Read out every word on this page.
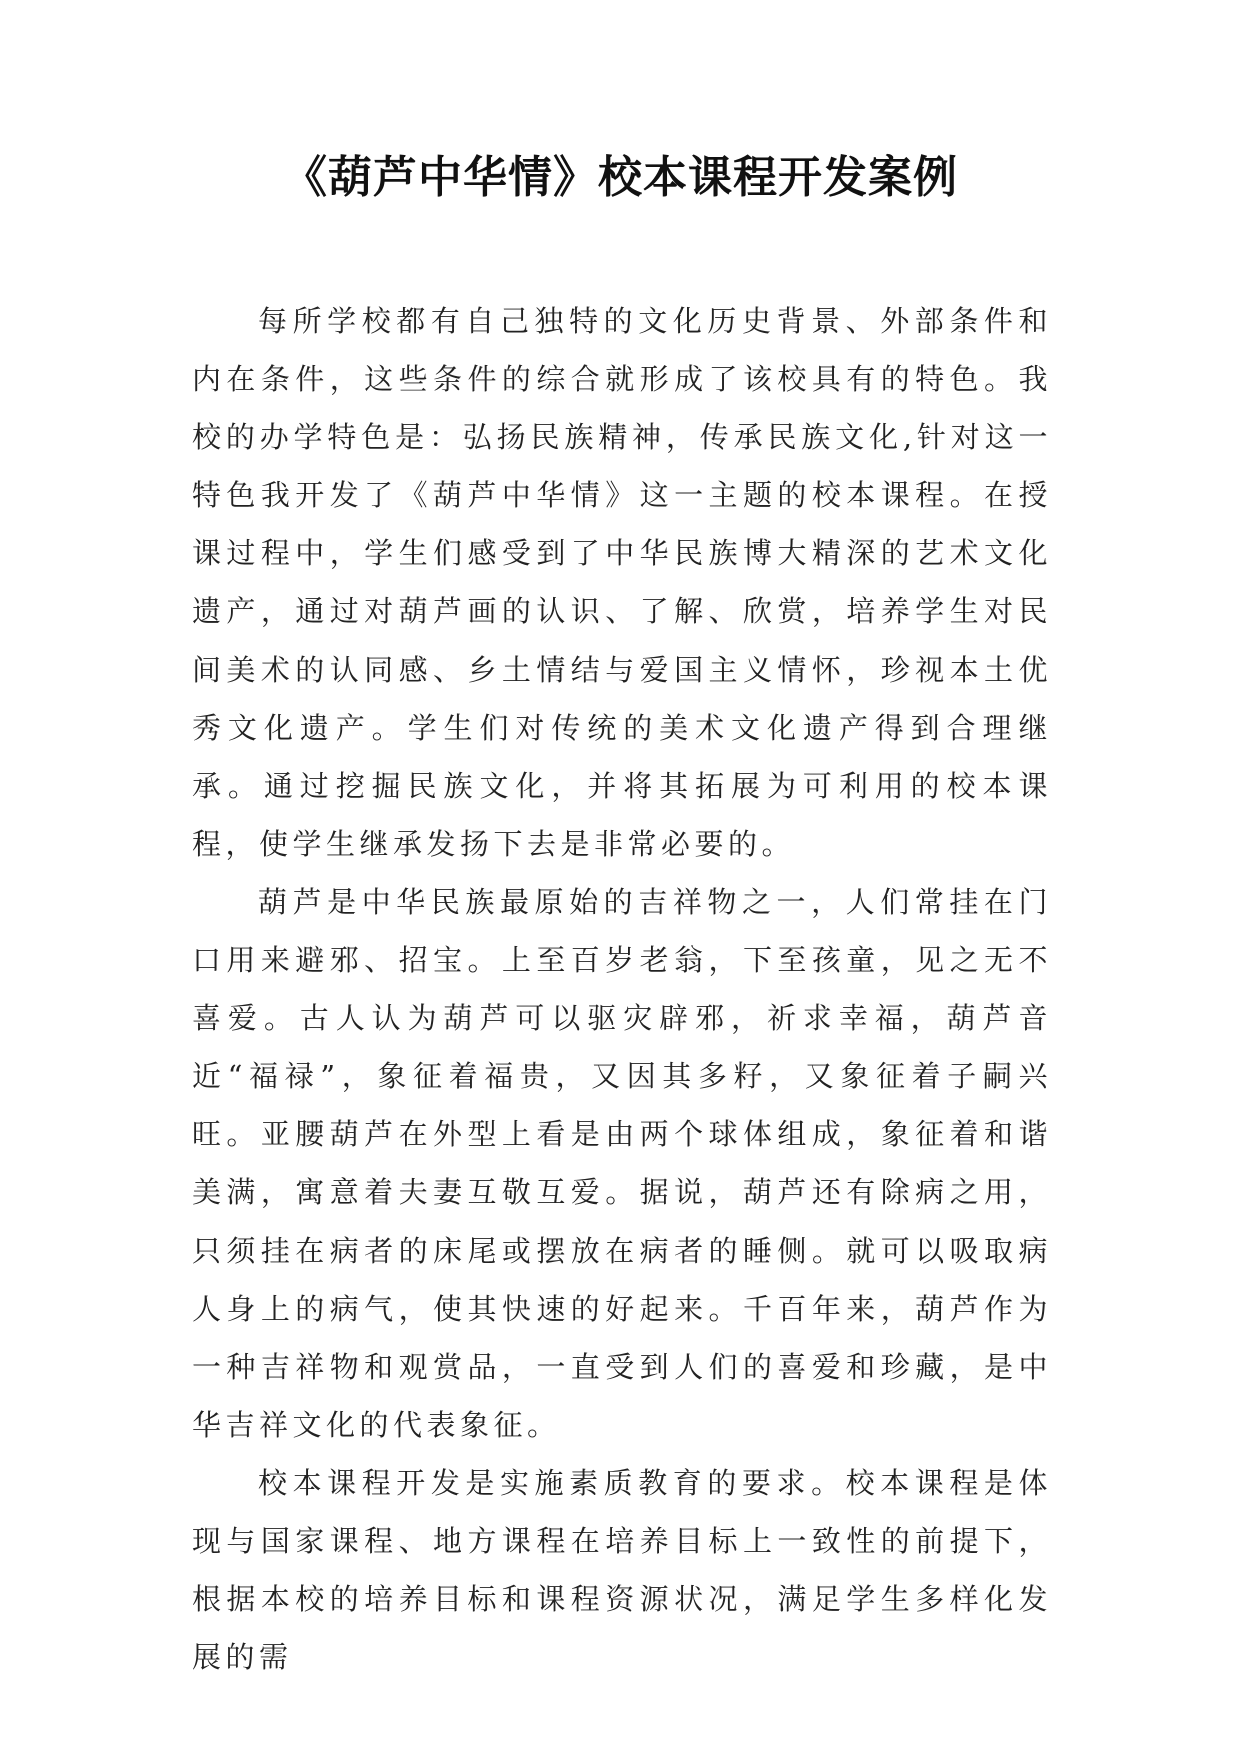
《葫芦中华情》校本课程开发案例

每所学校都有自己独特的文化历史背景、外部条件和内在条件，这些条件的综合就形成了该校具有的特色。我校的办学特色是：弘扬民族精神，传承民族文化,针对这一特色我开发了《葫芦中华情》这一主题的校本课程。在授课过程中，学生们感受到了中华民族博大精深的艺术文化遗产，通过对葫芦画的认识、了解、欣赏，培养学生对民间美术的认同感、乡土情结与爱国主义情怀，珍视本土优秀文化遗产。学生们对传统的美术文化遗产得到合理继承。通过挖掘民族文化，并将其拓展为可利用的校本课程，使学生继承发扬下去是非常必要的。

葫芦是中华民族最原始的吉祥物之一，人们常挂在门口用来避邪、招宝。上至百岁老翁，下至孩童，见之无不喜爱。古人认为葫芦可以驱灾辟邪，祈求幸福，葫芦音近“福禄”，象征着福贵，又因其多籽，又象征着子嗣兴旺。亚腰葫芦在外型上看是由两个球体组成，象征着和谐美满，寓意着夫妻互敬互爱。据说，葫芦还有除病之用，只须挂在病者的床尾或摆放在病者的睡侧。就可以吸取病人身上的病气，使其快速的好起来。千百年来，葫芦作为一种吉祥物和观赏品，一直受到人们的喜爱和珍藏，是中华吉祥文化的代表象征。

校本课程开发是实施素质教育的要求。校本课程是体现与国家课程、地方课程在培养目标上一致性的前提下，根据本校的培养目标和课程资源状况，满足学生多样化发展的需
